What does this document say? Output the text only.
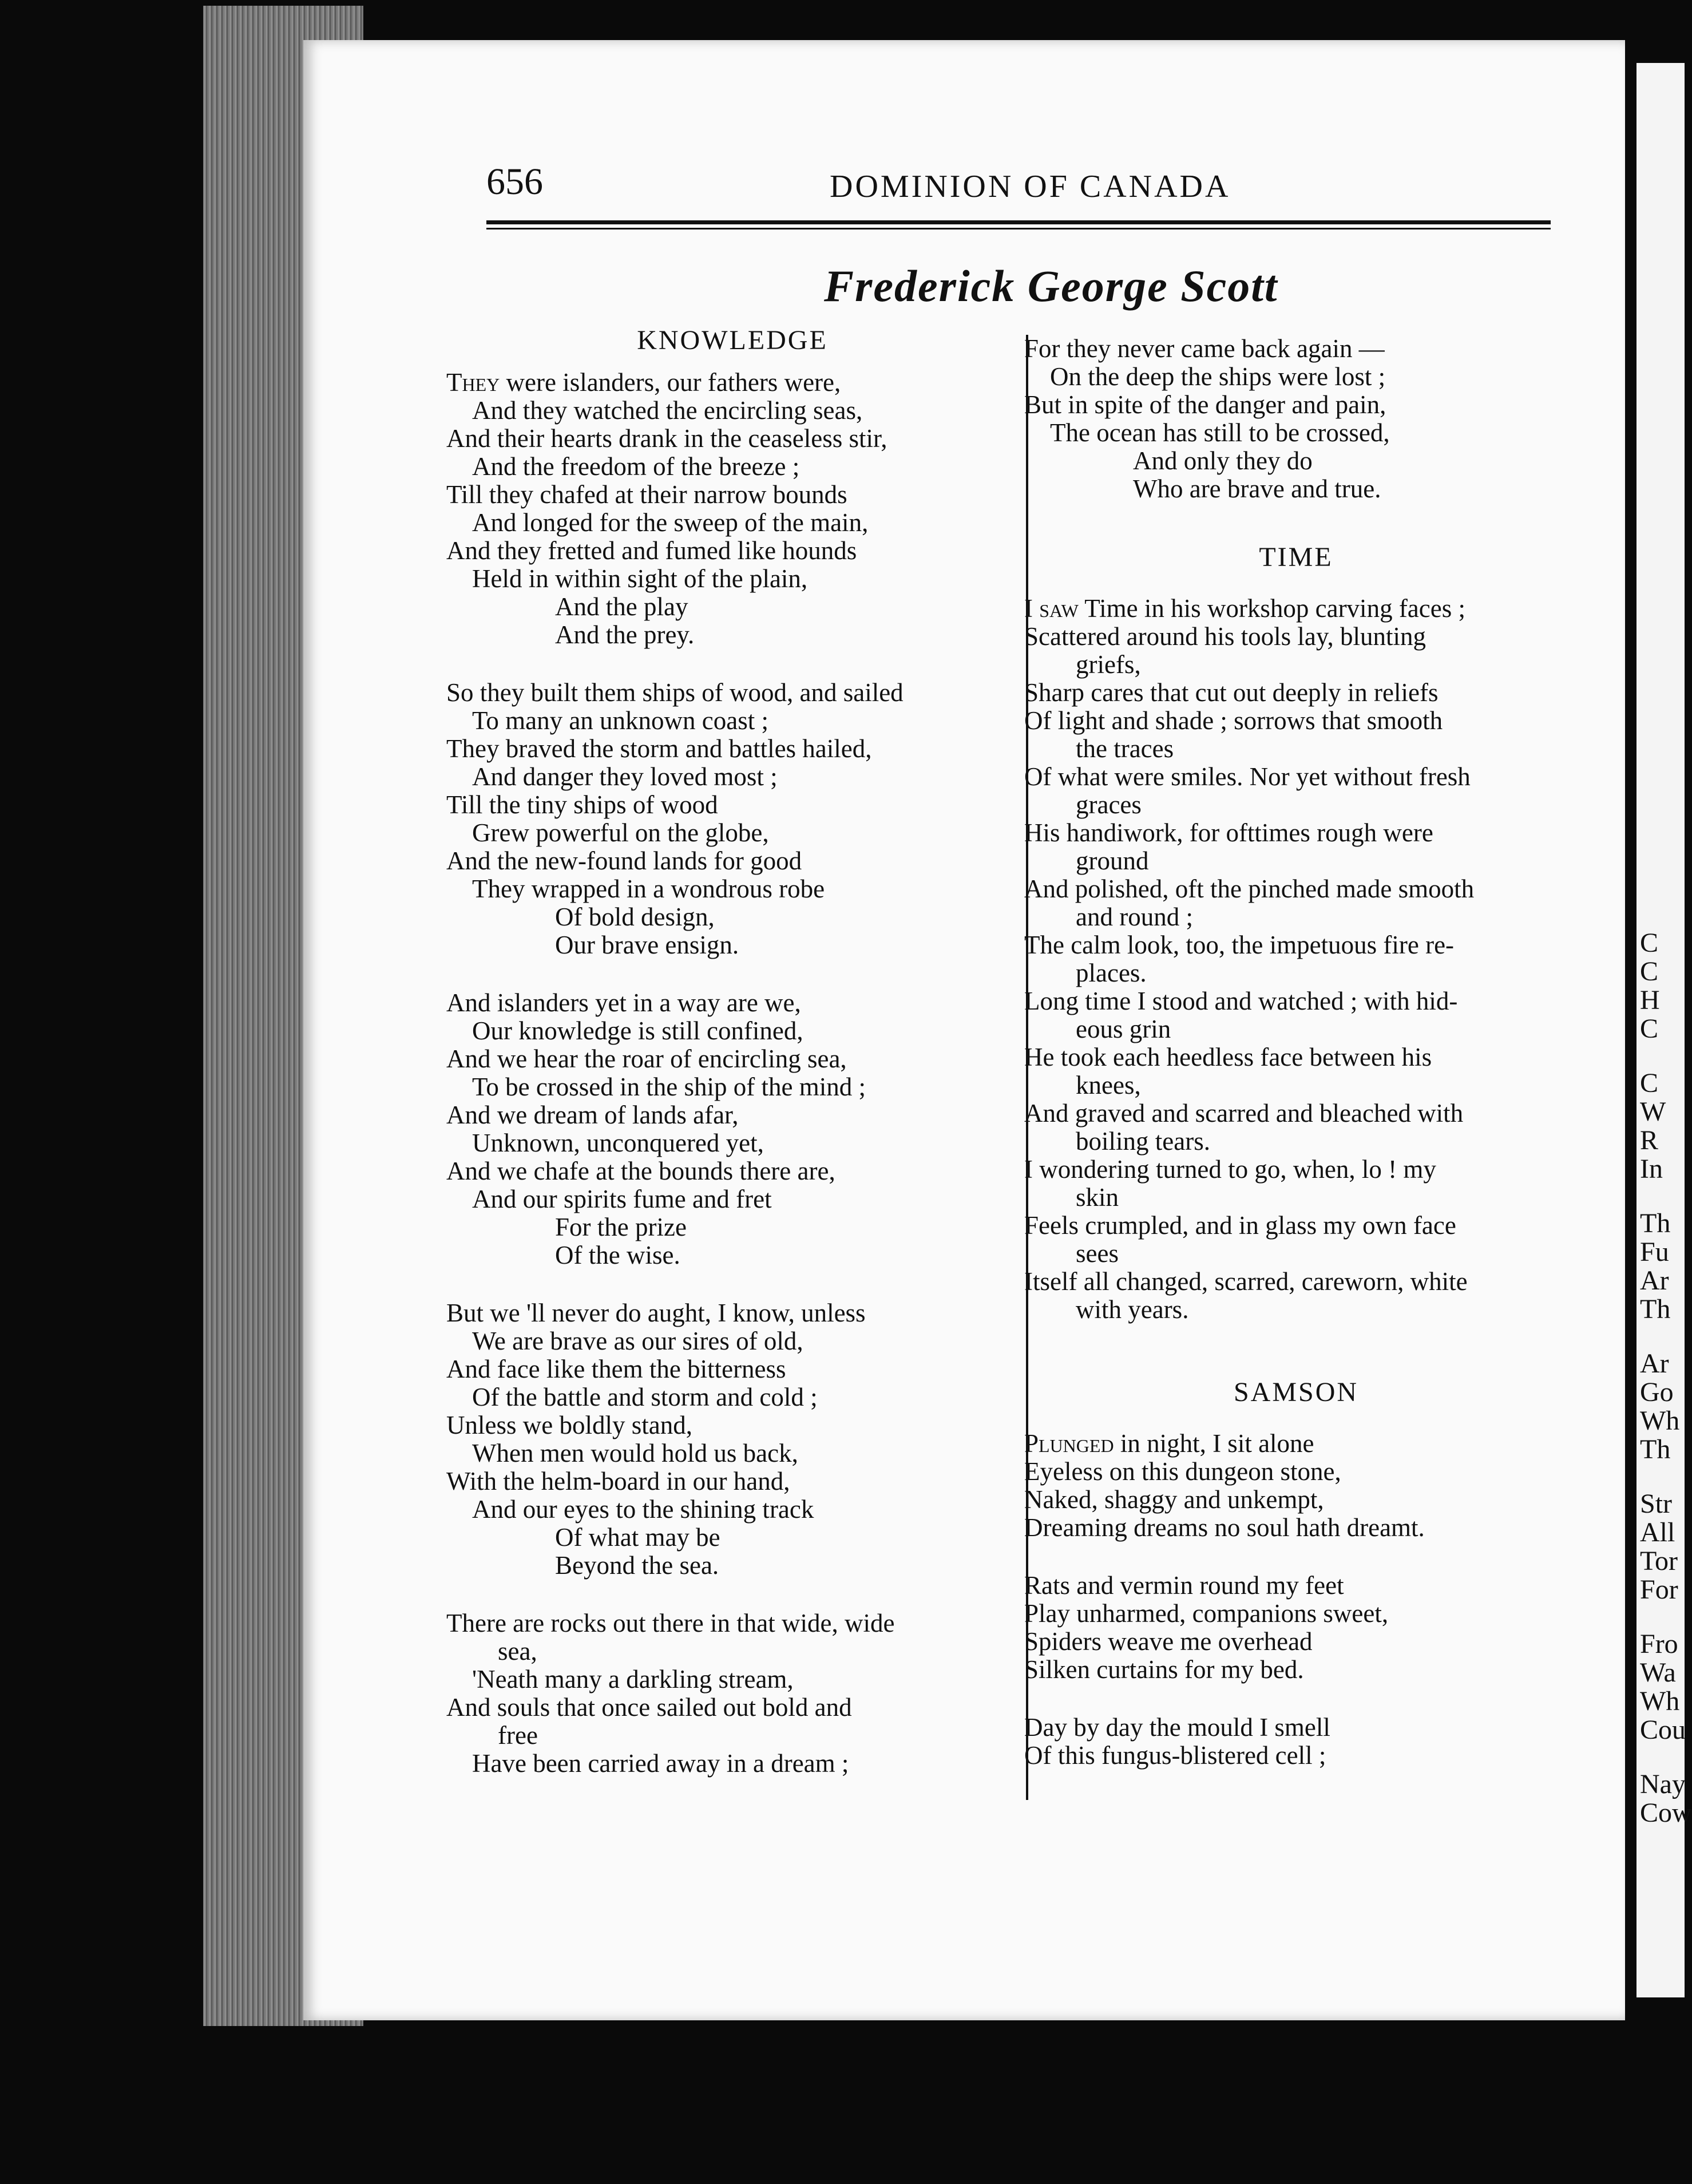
C
C
H
C
C
W
R
In
Th
Fu
Ar
Th
Ar
Go
Wh
Th
Str
All
Tor
For
Fro
Wa
Wh
Cou
Nay
Cow
656	DOMINION OF CANADA
Frederick George Scott
KNOWLEDGE
They were islanders, our fathers were,
And they watched the encircling seas,
And their hearts drank in the ceaseless stir,
And the freedom of the breeze ;
Till they chafed at their narrow bounds
And longed for the sweep of the main,
And they fretted and fumed like hounds
Held in within sight of the plain,
And the play
And the prey.
So they built them ships of wood, and sailed
To many an unknown coast ;
They braved the storm and battles hailed,
And danger they loved most ;
Till the tiny ships of wood
Grew powerful on the globe,
And the new-found lands for good
They wrapped in a wondrous robe
Of bold design,
Our brave ensign.
And islanders yet in a way are we,
Our knowledge is still confined,
And we hear the roar of encircling sea,
To be crossed in the ship of the mind ;
And we dream of lands afar,
Unknown, unconquered yet,
And we chafe at the bounds there are,
And our spirits fume and fret
For the prize
Of the wise.
But we 'll never do aught, I know, unless
We are brave as our sires of old,
And face like them the bitterness
Of the battle and storm and cold ;
Unless we boldly stand,
When men would hold us back,
With the helm-board in our hand,
And our eyes to the shining track
Of what may be
Beyond the sea.
There are rocks out there in that wide, wide
sea,
'Neath many a darkling stream,
And souls that once sailed out bold and
free
Have been carried away in a dream ;
For they never came back again —
On the deep the ships were lost ;
But in spite of the danger and pain,
The ocean has still to be crossed,
And only they do
Who are brave and true.
TIME
I saw Time in his workshop carving faces ;
Scattered around his tools lay, blunting
griefs,
Sharp cares that cut out deeply in reliefs
Of light and shade ; sorrows that smooth
the traces
Of what were smiles. Nor yet without fresh
graces
His handiwork, for ofttimes rough were
ground
And polished, oft the pinched made smooth
and round ;
The calm look, too, the impetuous fire re-
places.
Long time I stood and watched ; with hid-
eous grin
He took each heedless face between his
knees,
And graved and scarred and bleached with
boiling tears.
I wondering turned to go, when, lo ! my
skin
Feels crumpled, and in glass my own face
sees
Itself all changed, scarred, careworn, white
with years.
SAMSON
Plunged in night, I sit alone
Eyeless on this dungeon stone,
Naked, shaggy and unkempt,
Dreaming dreams no soul hath dreamt.
Rats and vermin round my feet
Play unharmed, companions sweet,
Spiders weave me overhead
Silken curtains for my bed.
Day by day the mould I smell
Of this fungus-blistered cell ;
